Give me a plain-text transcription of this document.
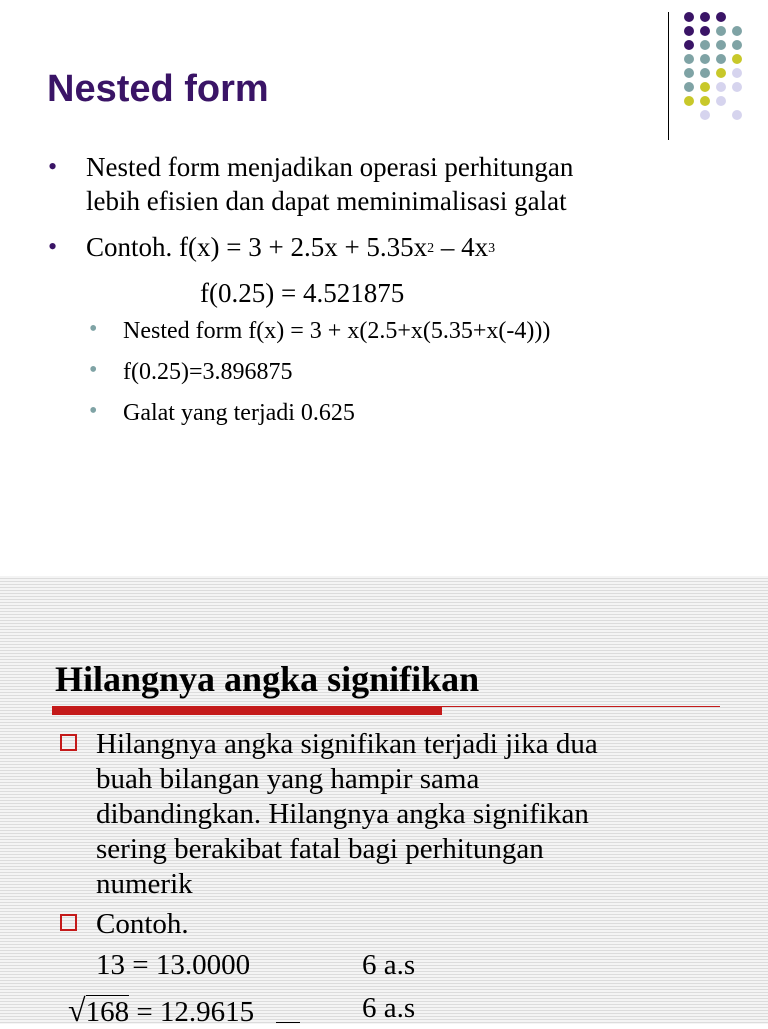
Nested form
• Nested form menjadikan operasi perhitungan
lebih efisien dan dapat meminimalisasi galat
• Contoh. $f(x) = 3 + 2.5x + 5.35x^2 - 4x^3$
f(0.25) = 4.521875
• Nested form f(x) = 3 + x(2.5+x(5.35+x(-4)))
• f(0.25)=3.896875
• Galat yang terjadi 0.625
Hilangnya angka signifikan
Hilangnya angka signifikan terjadi jika dua
buah bilangan yang hampir sama
dibandingkan. Hilangnya angka signifikan
sering berakibat fatal bagi perhitungan
numerik
Contoh.
13 = 13.0000	6 a.s
√168 = 12.9615	6 a.s
